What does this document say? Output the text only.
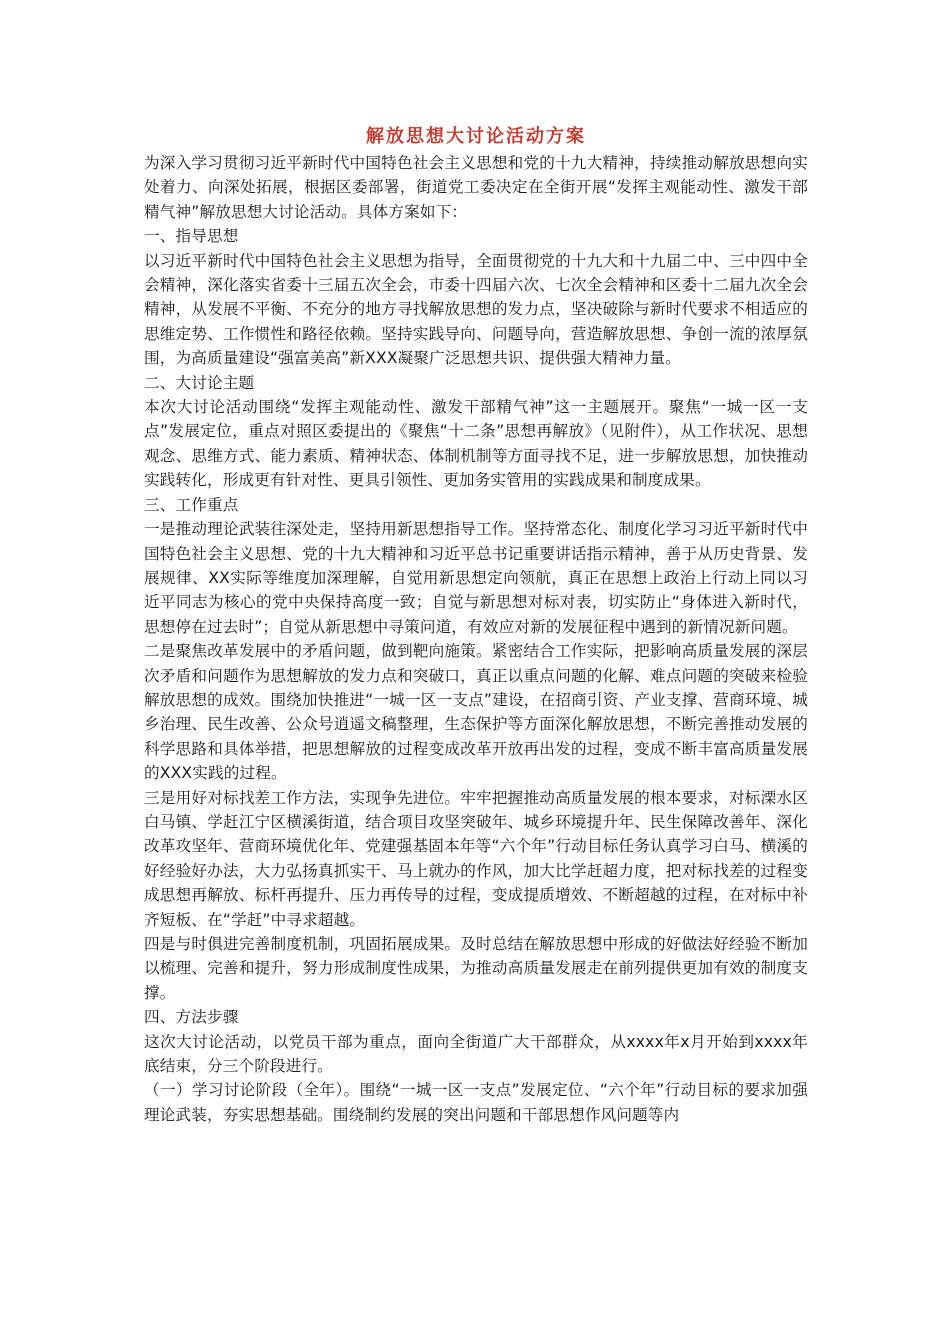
解放思想大讨论活动方案

为深入学习贯彻习近平新时代中国特色社会主义思想和党的十九大精神，持续推动解放思想向实处着力、向深处拓展，根据区委部署，街道党工委决定在全街开展“发挥主观能动性、激发干部精气神”解放思想大讨论活动。具体方案如下：

一、指导思想

以习近平新时代中国特色社会主义思想为指导，全面贯彻党的十九大和十九届二中、三中四中全会精神，深化落实省委十三届五次全会，市委十四届六次、七次全会精神和区委十二届九次全会精神，从发展不平衡、不充分的地方寻找解放思想的发力点，坚决破除与新时代要求不相适应的思维定势、工作惯性和路径依赖。坚持实践导向、问题导向，营造解放思想、争创一流的浓厚氛围，为高质量建设“强富美高”新XXX凝聚广泛思想共识、提供强大精神力量。

二、大讨论主题

本次大讨论活动围绕“发挥主观能动性、激发干部精气神”这一主题展开。聚焦“一城一区一支点”发展定位，重点对照区委提出的《聚焦“十二条”思想再解放》（见附件），从工作状况、思想观念、思维方式、能力素质、精神状态、体制机制等方面寻找不足，进一步解放思想，加快推动实践转化，形成更有针对性、更具引领性、更加务实管用的实践成果和制度成果。

三、工作重点

一是推动理论武装往深处走，坚持用新思想指导工作。坚持常态化、制度化学习习近平新时代中国特色社会主义思想、党的十九大精神和习近平总书记重要讲话指示精神，善于从历史背景、发展规律、XX实际等维度加深理解，自觉用新思想定向领航，真正在思想上政治上行动上同以习近平同志为核心的党中央保持高度一致；自觉与新思想对标对表，切实防止“身体进入新时代，思想停在过去时”；自觉从新思想中寻策问道，有效应对新的发展征程中遇到的新情况新问题。

二是聚焦改革发展中的矛盾问题，做到靶向施策。紧密结合工作实际，把影响高质量发展的深层次矛盾和问题作为思想解放的发力点和突破口，真正以重点问题的化解、难点问题的突破来检验解放思想的成效。围绕加快推进“一城一区一支点”建设，在招商引资、产业支撑、营商环境、城乡治理、民生改善、公众号逍遥文稿整理，生态保护等方面深化解放思想，不断完善推动发展的科学思路和具体举措，把思想解放的过程变成改革开放再出发的过程，变成不断丰富高质量发展的XXX实践的过程。

三是用好对标找差工作方法，实现争先进位。牢牢把握推动高质量发展的根本要求，对标溧水区白马镇、学赶江宁区横溪街道，结合项目攻坚突破年、城乡环境提升年、民生保障改善年、深化改革攻坚年、营商环境优化年、党建强基固本年等“六个年”行动目标任务认真学习白马、横溪的好经验好办法，大力弘扬真抓实干、马上就办的作风，加大比学赶超力度，把对标找差的过程变成思想再解放、标杆再提升、压力再传导的过程，变成提质增效、不断超越的过程，在对标中补齐短板、在“学赶”中寻求超越。

四是与时俱进完善制度机制，巩固拓展成果。及时总结在解放思想中形成的好做法好经验不断加以梳理、完善和提升，努力形成制度性成果，为推动高质量发展走在前列提供更加有效的制度支撑。

四、方法步骤

这次大讨论活动，以党员干部为重点，面向全街道广大干部群众，从xxxx年x月开始到xxxx年底结束，分三个阶段进行。

（一）学习讨论阶段（全年）。围绕“一城一区一支点”发展定位、“六个年”行动目标的要求加强理论武装，夯实思想基础。围绕制约发展的突出问题和干部思想作风问题等内
